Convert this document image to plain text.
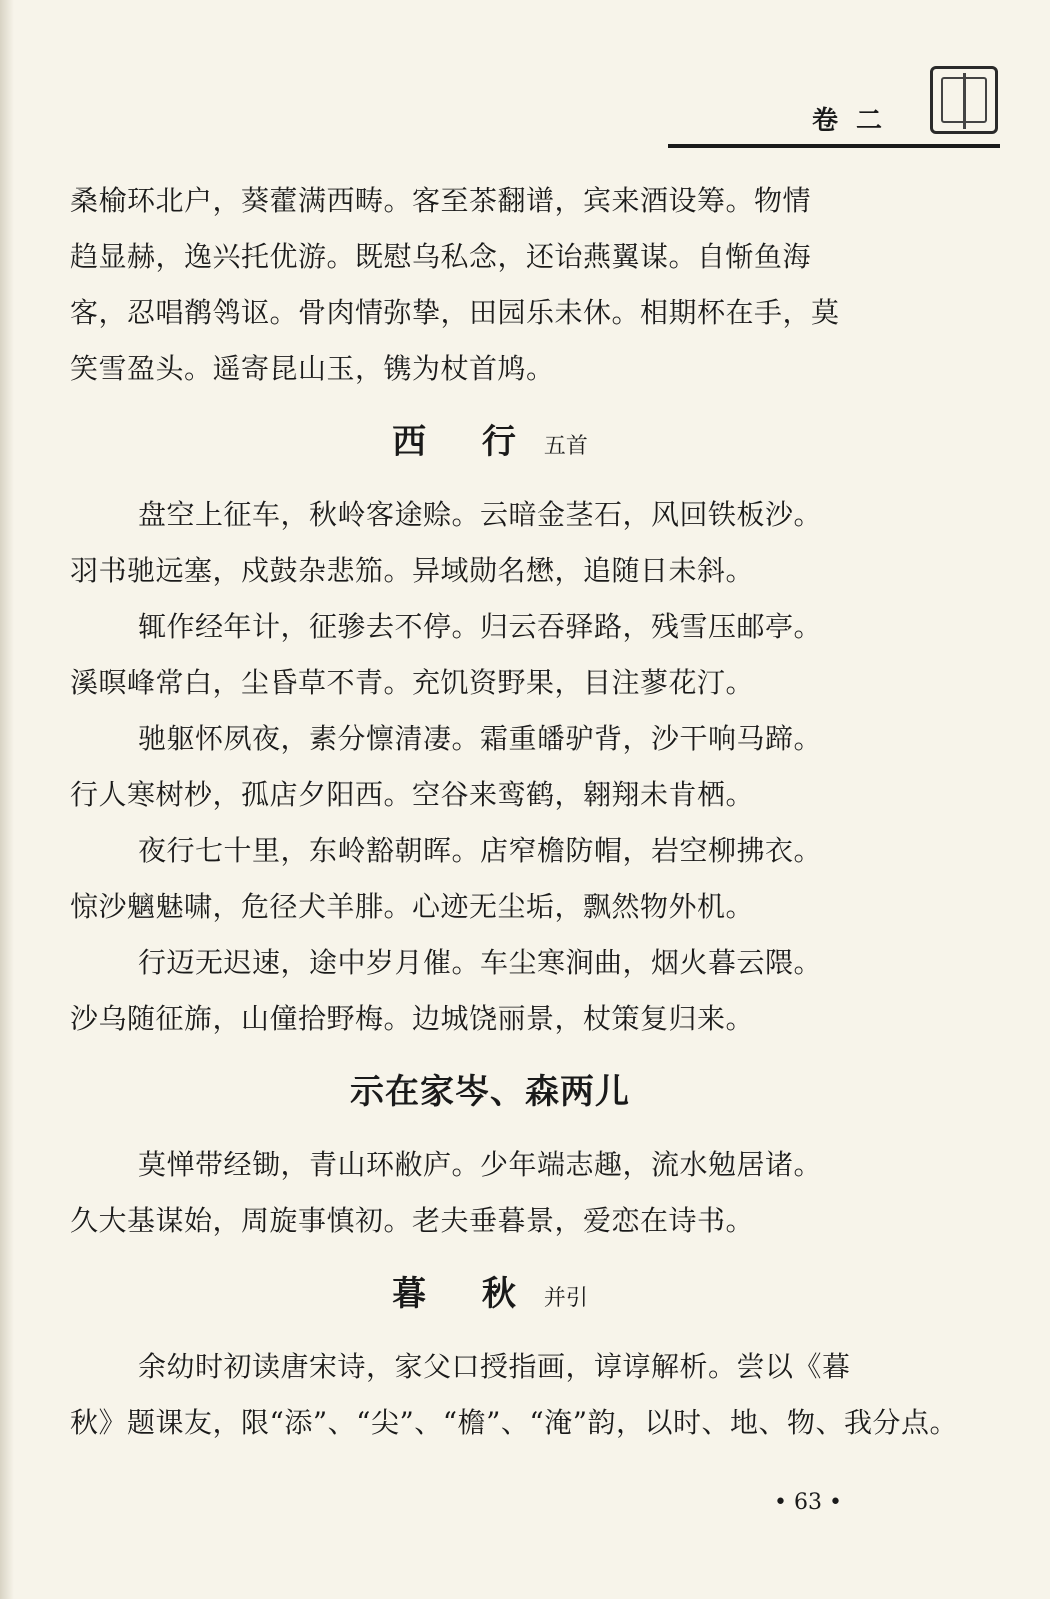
卷二
桑榆环北户，葵藿满西畴。客至茶翻谱，宾来酒设筹。物情
趋显赫，逸兴托优游。既慰乌私念，还诒燕翼谋。自惭鱼海
客，忍唱鹡鸰讴。骨肉情弥挚，田园乐未休。相期杯在手，莫
笑雪盈头。遥寄昆山玉，镌为杖首鸠。
西 行 五首
盘空上征车，秋岭客途赊。云暗金茎石，风回铁板沙。
羽书驰远塞，戍鼓杂悲笳。异域勋名懋，追随日未斜。
辄作经年计，征骖去不停。归云吞驿路，残雪压邮亭。
溪暝峰常白，尘昏草不青。充饥资野果，目注蓼花汀。
驰躯怀夙夜，素分懔清凄。霜重皤驴背，沙干响马蹄。
行人寒树杪，孤店夕阳西。空谷来鸾鹤，翱翔未肯栖。
夜行七十里，东岭豁朝晖。店窄檐防帽，岩空柳拂衣。
惊沙魑魅啸，危径犬羊腓。心迹无尘垢，飘然物外机。
行迈无迟速，途中岁月催。车尘寒涧曲，烟火暮云隈。
沙乌随征旆，山僮拾野梅。边城饶丽景，杖策复归来。
示在家岑、森两儿
莫惮带经锄，青山环敝庐。少年端志趣，流水勉居诸。
久大基谋始，周旋事慎初。老夫垂暮景，爱恋在诗书。
暮 秋 并引
余幼时初读唐宋诗，家父口授指画，谆谆解析。尝以《暮
秋》题课友，限“添”、“尖”、“檐”、“淹”韵，以时、地、物、我分点。
• 63 •
